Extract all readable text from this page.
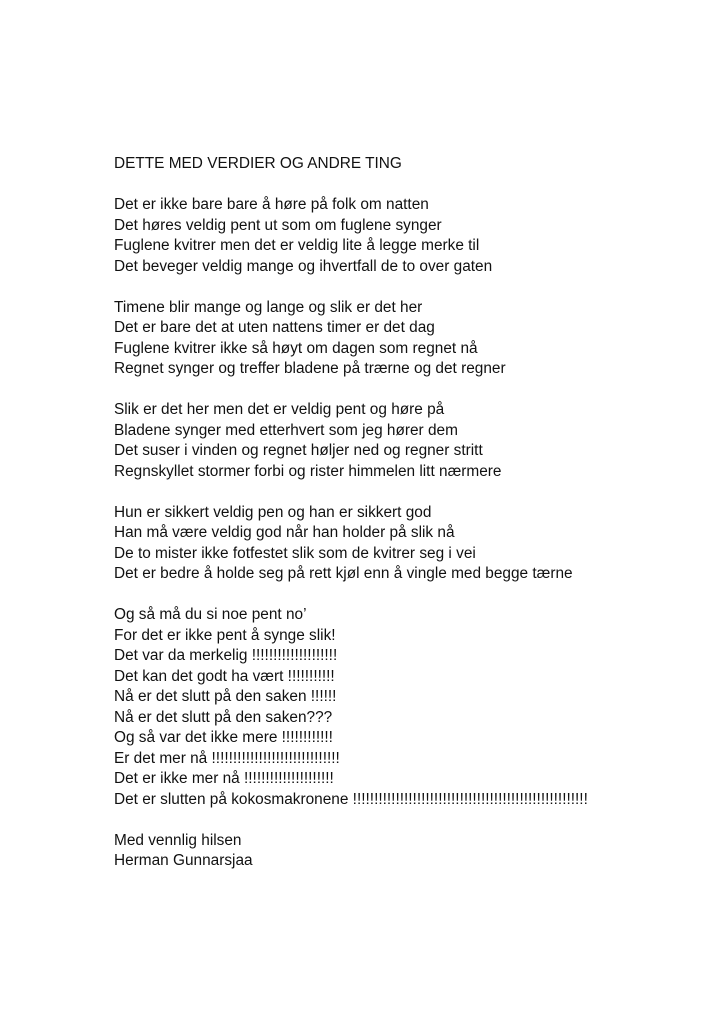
DETTE MED VERDIER OG ANDRE TING

Det er ikke bare bare å høre på folk om natten

Det høres veldig pent ut som om fuglene synger

Fuglene kvitrer men det er veldig lite å legge merke til

Det beveger veldig mange og ihvertfall de to over gaten

Timene blir mange og lange og slik er det her

Det er bare det at uten nattens timer er det dag

Fuglene kvitrer ikke så høyt om dagen som regnet nå

Regnet synger og treffer bladene på trærne og det regner

Slik er det her men det er veldig pent og høre på

Bladene synger med etterhvert som jeg hører dem

Det suser i vinden og regnet høljer ned og regner stritt

Regnskyllet stormer forbi og rister himmelen litt nærmere

Hun er sikkert veldig pen og han er sikkert god

Han må være veldig god når han holder på slik nå

De to mister ikke fotfestet slik som de kvitrer seg i vei

Det er bedre å holde seg på rett kjøl enn å vingle med begge tærne

Og så må du si noe pent no’

For det er ikke pent å synge slik!

Det var da merkelig !!!!!!!!!!!!!!!!!!!!

Det kan det godt ha vært !!!!!!!!!!!

Nå er det slutt på den saken !!!!!!

Nå er det slutt på den saken???

Og så var det ikke mere !!!!!!!!!!!!

Er det mer nå !!!!!!!!!!!!!!!!!!!!!!!!!!!!!!

Det er ikke mer nå !!!!!!!!!!!!!!!!!!!!!

Det er slutten på kokosmakronene !!!!!!!!!!!!!!!!!!!!!!!!!!!!!!!!!!!!!!!!!!!!!!!!!!!!!!!

Med vennlig hilsen

Herman Gunnarsjaa
